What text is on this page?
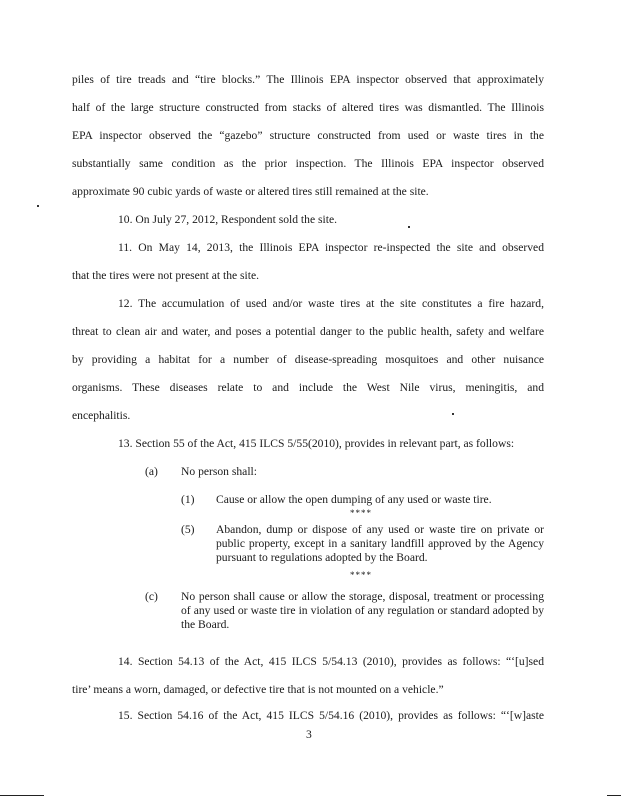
piles of tire treads and “tire blocks.” The Illinois EPA inspector observed that approximately
half of the large structure constructed from stacks of altered tires was dismantled. The Illinois
EPA inspector observed the “gazebo” structure constructed from used or waste tires in the
substantially same condition as the prior inspection. The Illinois EPA inspector observed
approximate 90 cubic yards of waste or altered tires still remained at the site.
10. On July 27, 2012, Respondent sold the site.
11. On May 14, 2013, the Illinois EPA inspector re-inspected the site and observed
that the tires were not present at the site.
12. The accumulation of used and/or waste tires at the site constitutes a fire hazard,
threat to clean air and water, and poses a potential danger to the public health, safety and welfare
by providing a habitat for a number of disease-spreading mosquitoes and other nuisance
organisms. These diseases relate to and include the West Nile virus, meningitis, and
encephalitis.
13. Section 55 of the Act, 415 ILCS 5/55(2010), provides in relevant part, as follows:
(a) No person shall:
(1) Cause or allow the open dumping of any used or waste tire.
****
(5) Abandon, dump or dispose of any used or waste tire on private or public property, except in a sanitary landfill approved by the Agency pursuant to regulations adopted by the Board.
****
(c) No person shall cause or allow the storage, disposal, treatment or processing of any used or waste tire in violation of any regulation or standard adopted by the Board.
14. Section 54.13 of the Act, 415 ILCS 5/54.13 (2010), provides as follows: “‘[u]sed
tire’ means a worn, damaged, or defective tire that is not mounted on a vehicle.”
15. Section 54.16 of the Act, 415 ILCS 5/54.16 (2010), provides as follows: “‘[w]aste
3
